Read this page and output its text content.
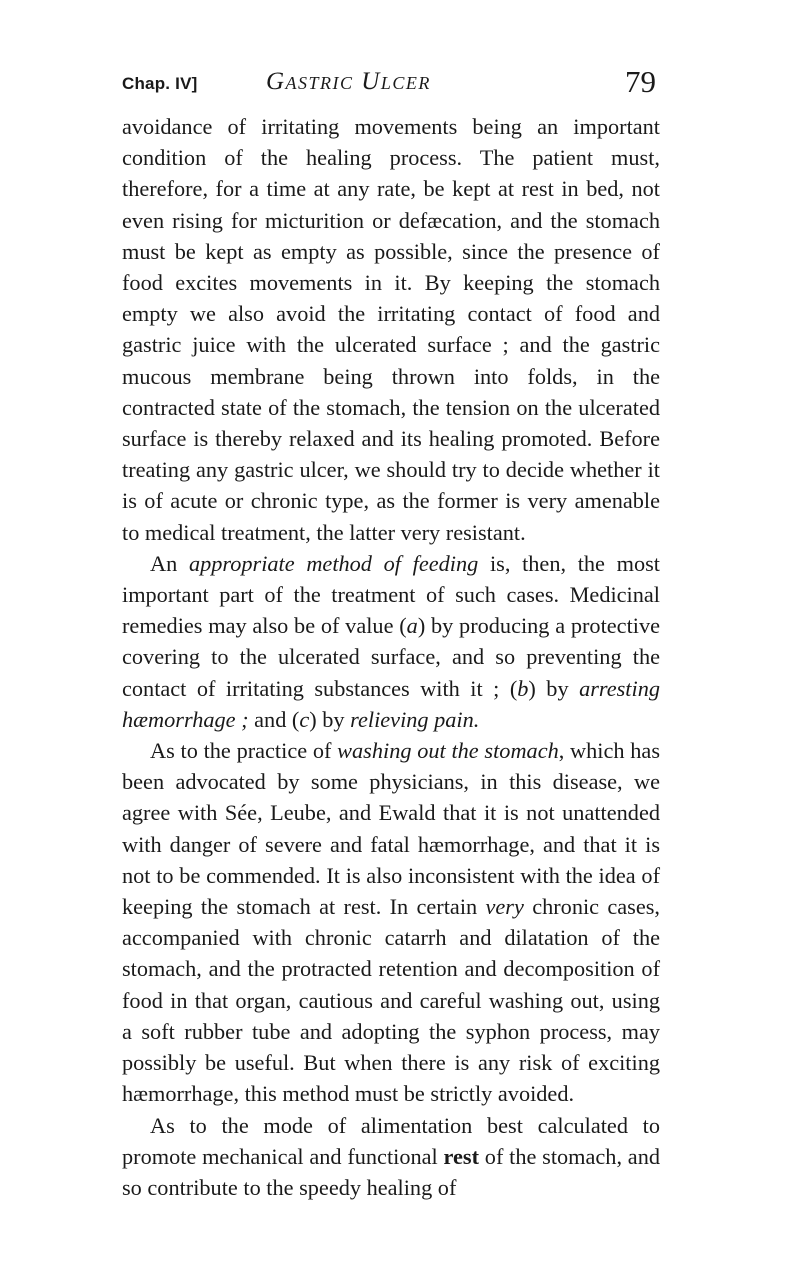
Chap. IV]	Gastric Ulcer	79

avoidance of irritating movements being an important condition of the healing process. The patient must, therefore, for a time at any rate, be kept at rest in bed, not even rising for micturition or defæcation, and the stomach must be kept as empty as possible, since the presence of food excites movements in it. By keeping the stomach empty we also avoid the irritating contact of food and gastric juice with the ulcerated surface ; and the gastric mucous membrane being thrown into folds, in the contracted state of the stomach, the tension on the ulcerated surface is thereby relaxed and its healing promoted. Before treating any gastric ulcer, we should try to decide whether it is of acute or chronic type, as the former is very amenable to medical treatment, the latter very resistant.

An appropriate method of feeding is, then, the most important part of the treatment of such cases. Medicinal remedies may also be of value (a) by producing a protective covering to the ulcerated surface, and so preventing the contact of irritating substances with it ; (b) by arresting hæmorrhage ; and (c) by relieving pain.

As to the practice of washing out the stomach, which has been advocated by some physicians, in this disease, we agree with Sée, Leube, and Ewald that it is not unattended with danger of severe and fatal hæmorrhage, and that it is not to be commended. It is also inconsistent with the idea of keeping the stomach at rest. In certain very chronic cases, accompanied with chronic catarrh and dilatation of the stomach, and the protracted retention and decomposition of food in that organ, cautious and careful washing out, using a soft rubber tube and adopting the syphon process, may possibly be useful. But when there is any risk of exciting hæmorrhage, this method must be strictly avoided.

As to the mode of alimentation best calculated to promote mechanical and functional rest of the stomach, and so contribute to the speedy healing of
